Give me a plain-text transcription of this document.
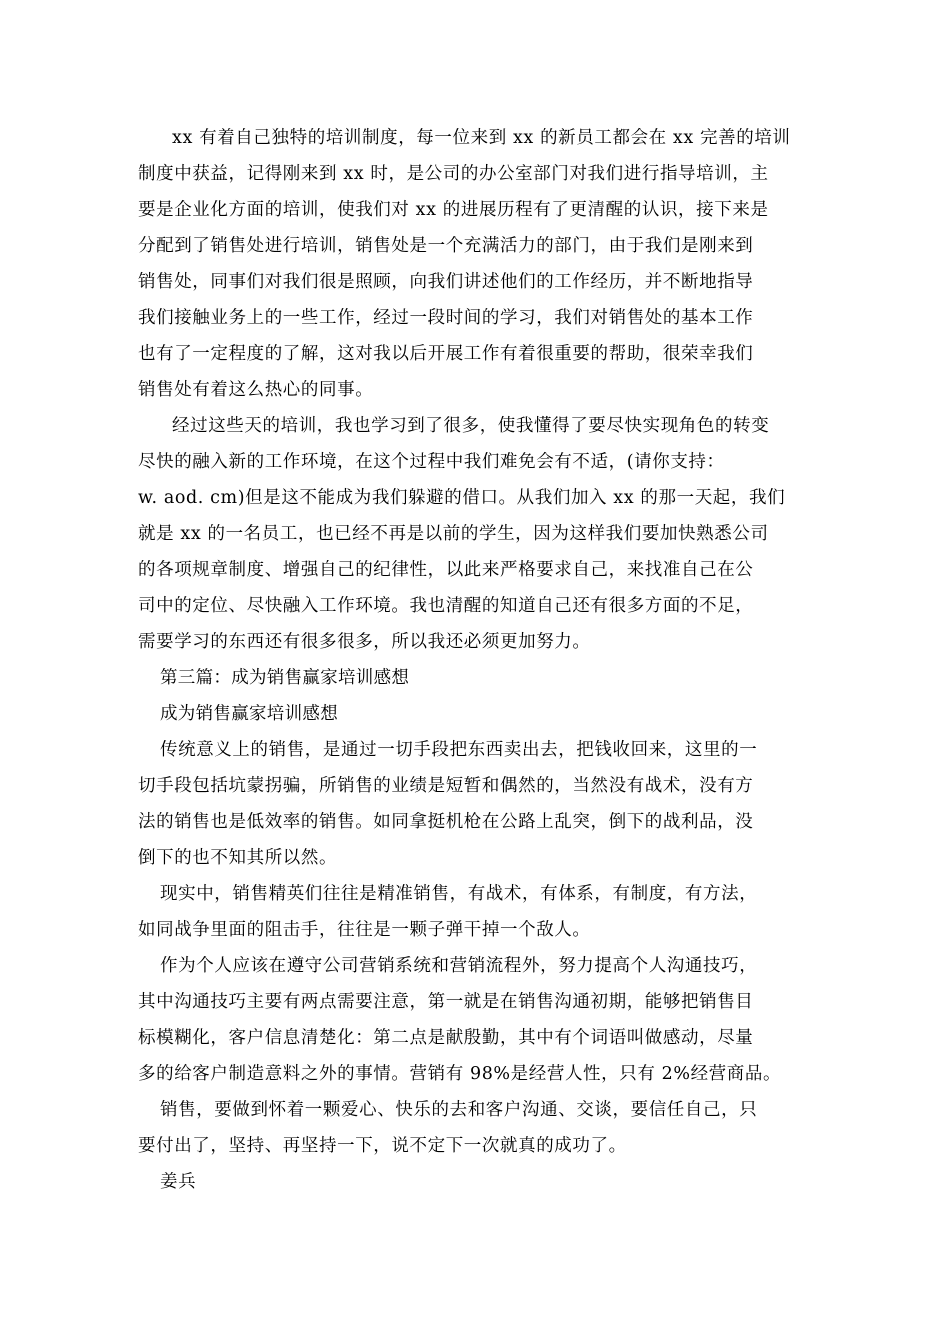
xx 有着自己独特的培训制度，每一位来到 xx 的新员工都会在 xx 完善的培训
制度中获益，记得刚来到 xx 时，是公司的办公室部门对我们进行指导培训，主
要是企业化方面的培训，使我们对 xx 的进展历程有了更清醒的认识，接下来是
分配到了销售处进行培训，销售处是一个充满活力的部门，由于我们是刚来到
销售处，同事们对我们很是照顾，向我们讲述他们的工作经历，并不断地指导
我们接触业务上的一些工作，经过一段时间的学习，我们对销售处的基本工作
也有了一定程度的了解，这对我以后开展工作有着很重要的帮助，很荣幸我们
销售处有着这么热心的同事。
经过这些天的培训，我也学习到了很多，使我懂得了要尽快实现角色的转变
尽快的融入新的工作环境，在这个过程中我们难免会有不适，(请你支持：
w. aod. cm)但是这不能成为我们躲避的借口。从我们加入 xx 的那一天起，我们
就是 xx 的一名员工，也已经不再是以前的学生，因为这样我们要加快熟悉公司
的各项规章制度、增强自己的纪律性，以此来严格要求自己，来找准自己在公
司中的定位、尽快融入工作环境。我也清醒的知道自己还有很多方面的不足，
需要学习的东西还有很多很多，所以我还必须更加努力。
第三篇：成为销售赢家培训感想
成为销售赢家培训感想
传统意义上的销售，是通过一切手段把东西卖出去，把钱收回来，这里的一
切手段包括坑蒙拐骗，所销售的业绩是短暂和偶然的，当然没有战术，没有方
法的销售也是低效率的销售。如同拿挺机枪在公路上乱突，倒下的战利品，没
倒下的也不知其所以然。
现实中，销售精英们往往是精准销售，有战术，有体系，有制度，有方法，
如同战争里面的阻击手，往往是一颗子弹干掉一个敌人。
作为个人应该在遵守公司营销系统和营销流程外，努力提高个人沟通技巧，
其中沟通技巧主要有两点需要注意，第一就是在销售沟通初期，能够把销售目
标模糊化，客户信息清楚化：第二点是献殷勤，其中有个词语叫做感动，尽量
多的给客户制造意料之外的事情。营销有 98%是经营人性，只有 2%经营商品。
销售，要做到怀着一颗爱心、快乐的去和客户沟通、交谈，要信任自己，只
要付出了，坚持、再坚持一下，说不定下一次就真的成功了。
姜兵
